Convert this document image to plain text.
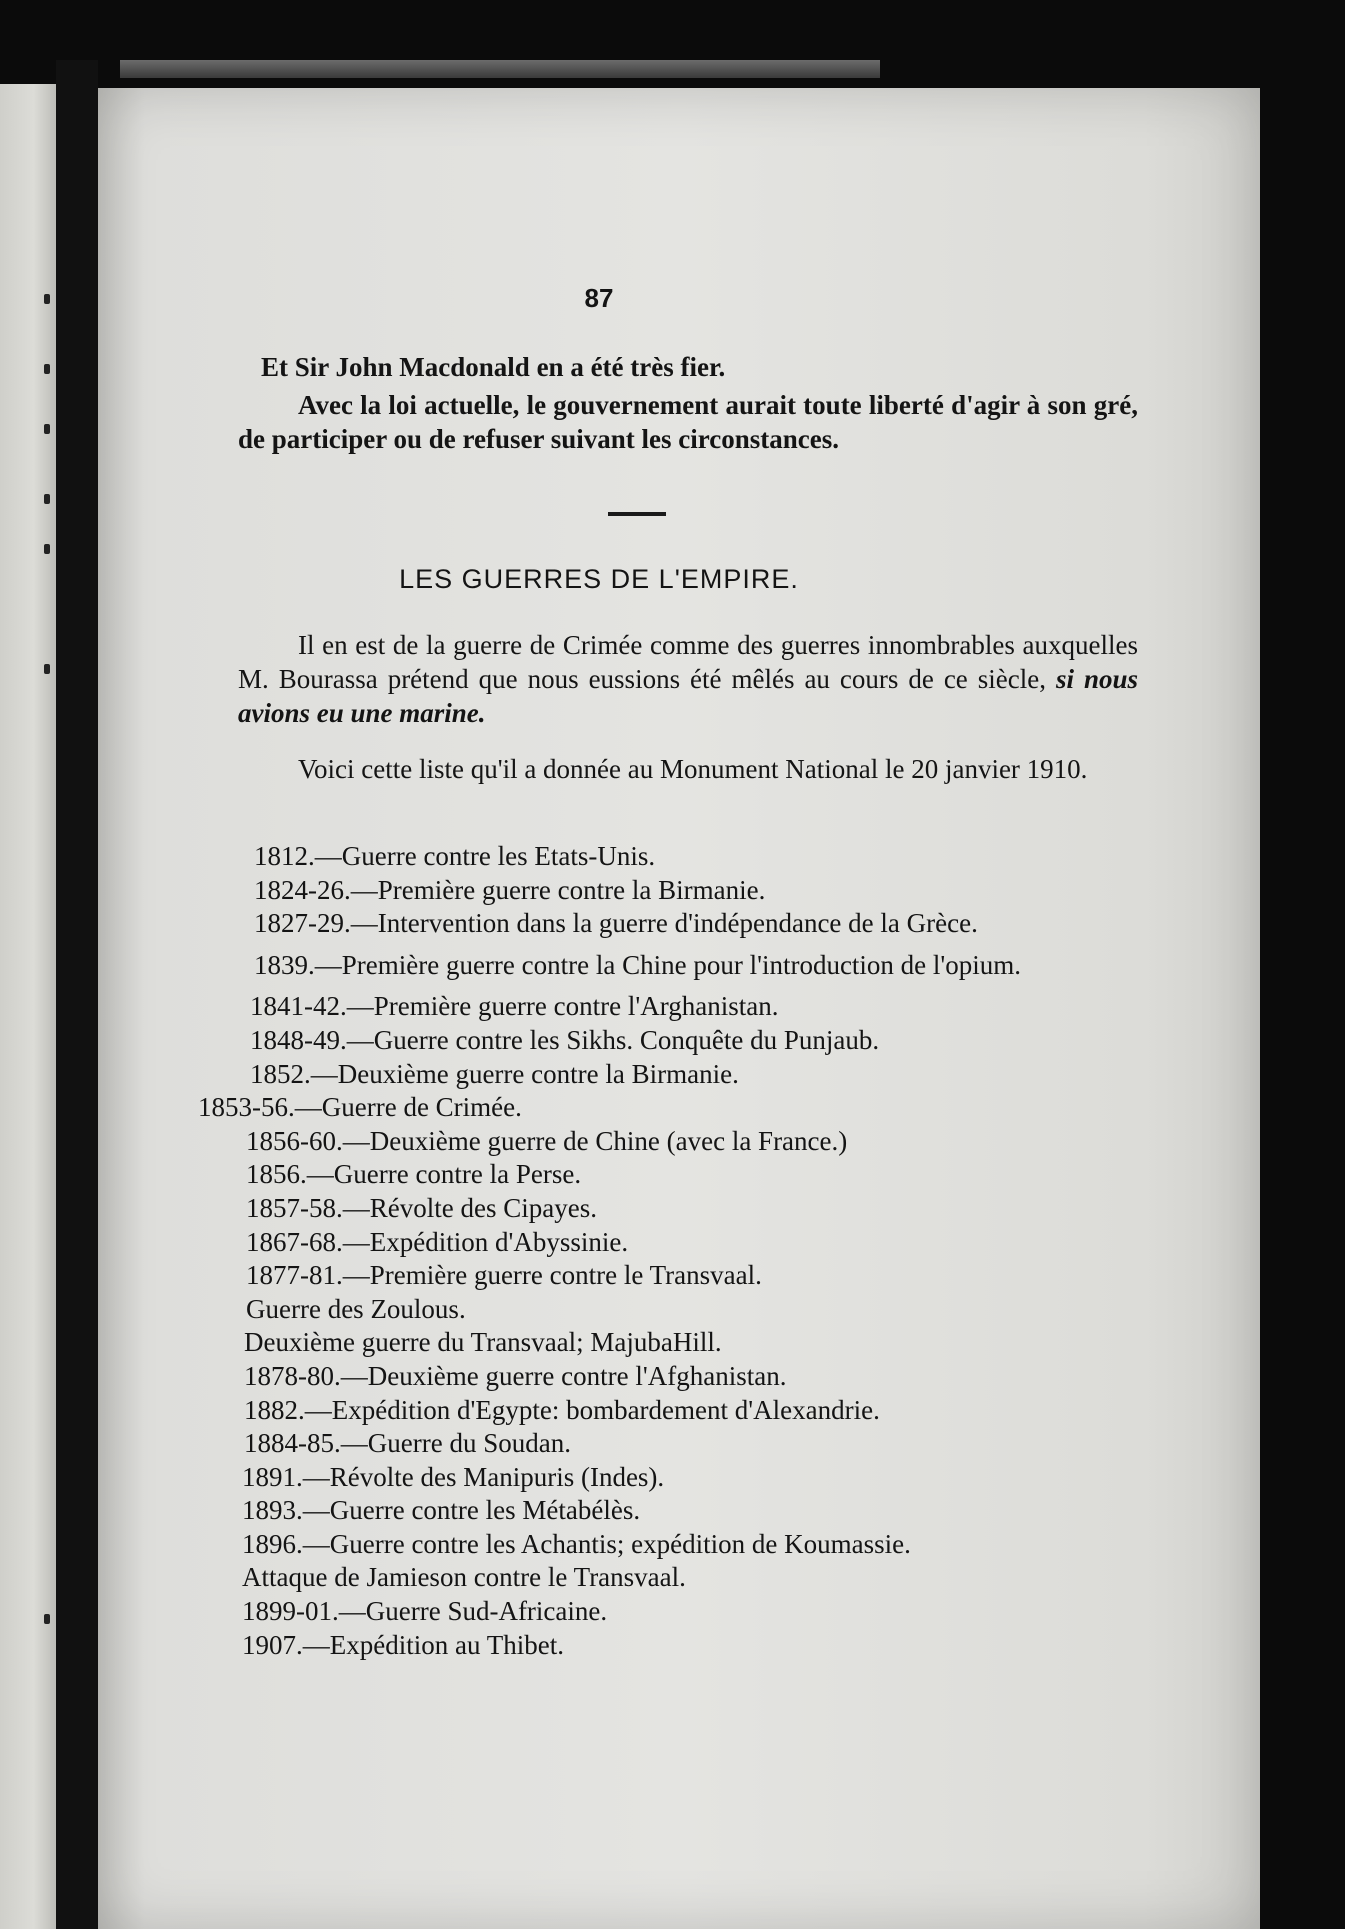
87

Et Sir John Macdonald en a été très fier.

Avec la loi actuelle, le gouvernement aurait toute liberté d'agir à son gré, de participer ou de refuser suivant les circonstances.

LES GUERRES DE L'EMPIRE.

Il en est de la guerre de Crimée comme des guerres innombrables auxquelles M. Bourassa prétend que nous eussions été mêlés au cours de ce siècle, si nous avions eu une marine.

Voici cette liste qu'il a donnée au Monument National le 20 janvier 1910.

1812.—Guerre contre les Etats-Unis.

1824-26.—Première guerre contre la Birmanie.

1827-29.—Intervention dans la guerre d'indépendance de la Grèce.

1839.—Première guerre contre la Chine pour l'introduction de l'opium.

1841-42.—Première guerre contre l'Arghanistan.

1848-49.—Guerre contre les Sikhs. Conquête du Punjaub.

1852.—Deuxième guerre contre la Birmanie.

1853-56.—Guerre de Crimée.

1856-60.—Deuxième guerre de Chine (avec la France.)

1856.—Guerre contre la Perse.

1857-58.—Révolte des Cipayes.

1867-68.—Expédition d'Abyssinie.

1877-81.—Première guerre contre le Transvaal.

Guerre des Zoulous.

Deuxième guerre du Transvaal; MajubaHill.

1878-80.—Deuxième guerre contre l'Afghanistan.

1882.—Expédition d'Egypte: bombardement d'Alexandrie.

1884-85.—Guerre du Soudan.

1891.—Révolte des Manipuris (Indes).

1893.—Guerre contre les Métabélès.

1896.—Guerre contre les Achantis; expédition de Koumassie.

Attaque de Jamieson contre le Transvaal.

1899-01.—Guerre Sud-Africaine.

1907.—Expédition au Thibet.
